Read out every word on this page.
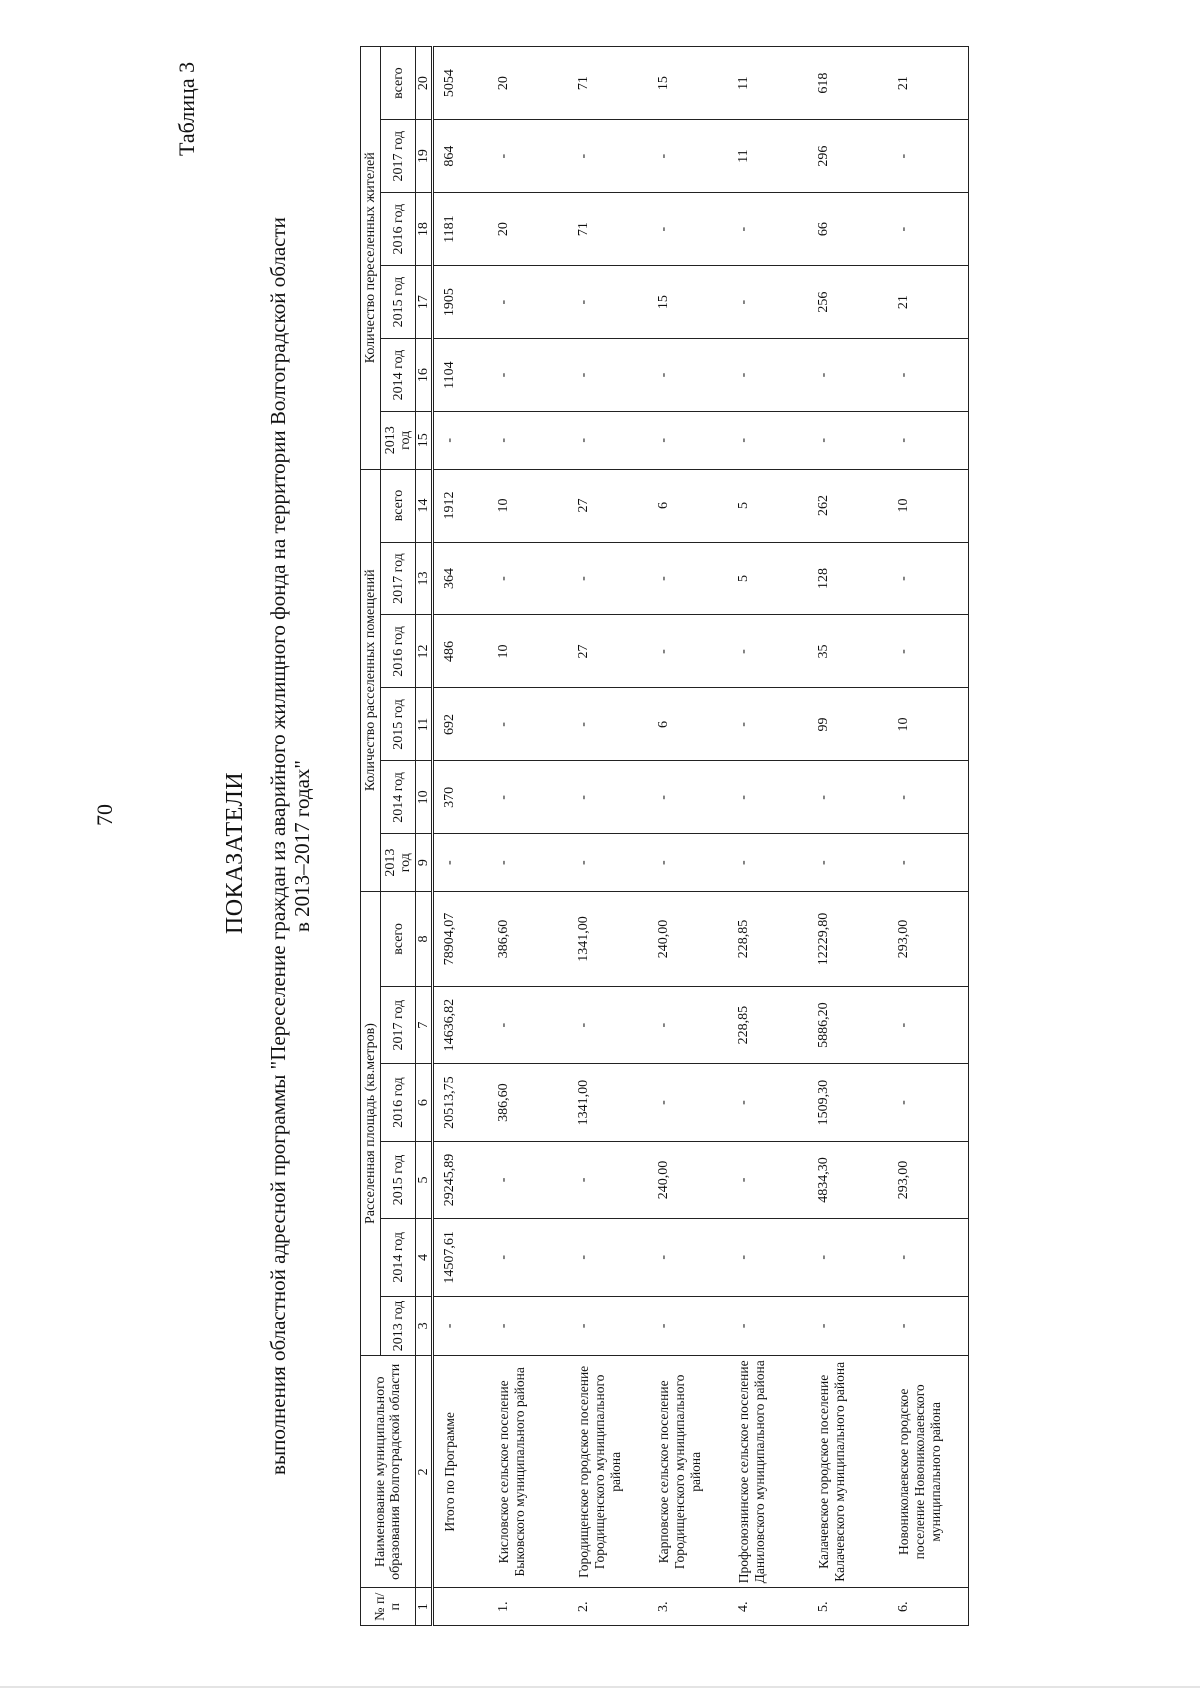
70
Таблица 3
ПОКАЗАТЕЛИ выполнения областной адресной программы "Переселение граждан из аварийного жилищного фонда на территории Волгоградской области в 2013–2017 годах"
№ п/п	Наименование муниципального образования Волгоградской области	Расселенная площадь (кв.метров)						Количество расселенных помещений						Количество переселенных жителей					
		2013 год	2014 год	2015 год	2016 год	2017 год	всего	2013 год	2014 год	2015 год	2016 год	2017 год	всего	2013 год	2014 год	2015 год	2016 год	2017 год	всего
1	2	3	4	5	6	7	8	9	10	11	12	13	14	15	16	17	18	19	20
	Итого по Программе	-	14507,61	29245,89	20513,75	14636,82	78904,07	-	370	692	486	364	1912	-	1104	1905	1181	864	5054
1.	Кисловское сельское поселение Быковского муниципального района	-	-	-	386,60	-	386,60	-	-	-	10	-	10	-	-	-	20	-	20
2.	Городищенское городское поселение Городищенского муниципального района	-	-	-	1341,00	-	1341,00	-	-	-	27	-	27	-	-	-	71	-	71
3.	Карповское сельское поселение Городищенского муниципального района	-	-	240,00	-	-	240,00	-	-	6	-	-	6	-	-	15	-	-	15
4.	Профсоюзнинское сельское поселение Даниловского муниципального района	-	-	-	-	228,85	228,85	-	-	-	-	5	5	-	-	-	-	11	11
5.	Калачевское городское поселение Калачевского муниципального района	-	-	4834,30	1509,30	5886,20	12229,80	-	-	99	35	128	262	-	-	256	66	296	618
6.	Новониколаевское городское поселение Новониколаевского муниципального района	-	-	293,00	-	-	293,00	-	-	10	-	-	10	-	-	21	-	-	21
